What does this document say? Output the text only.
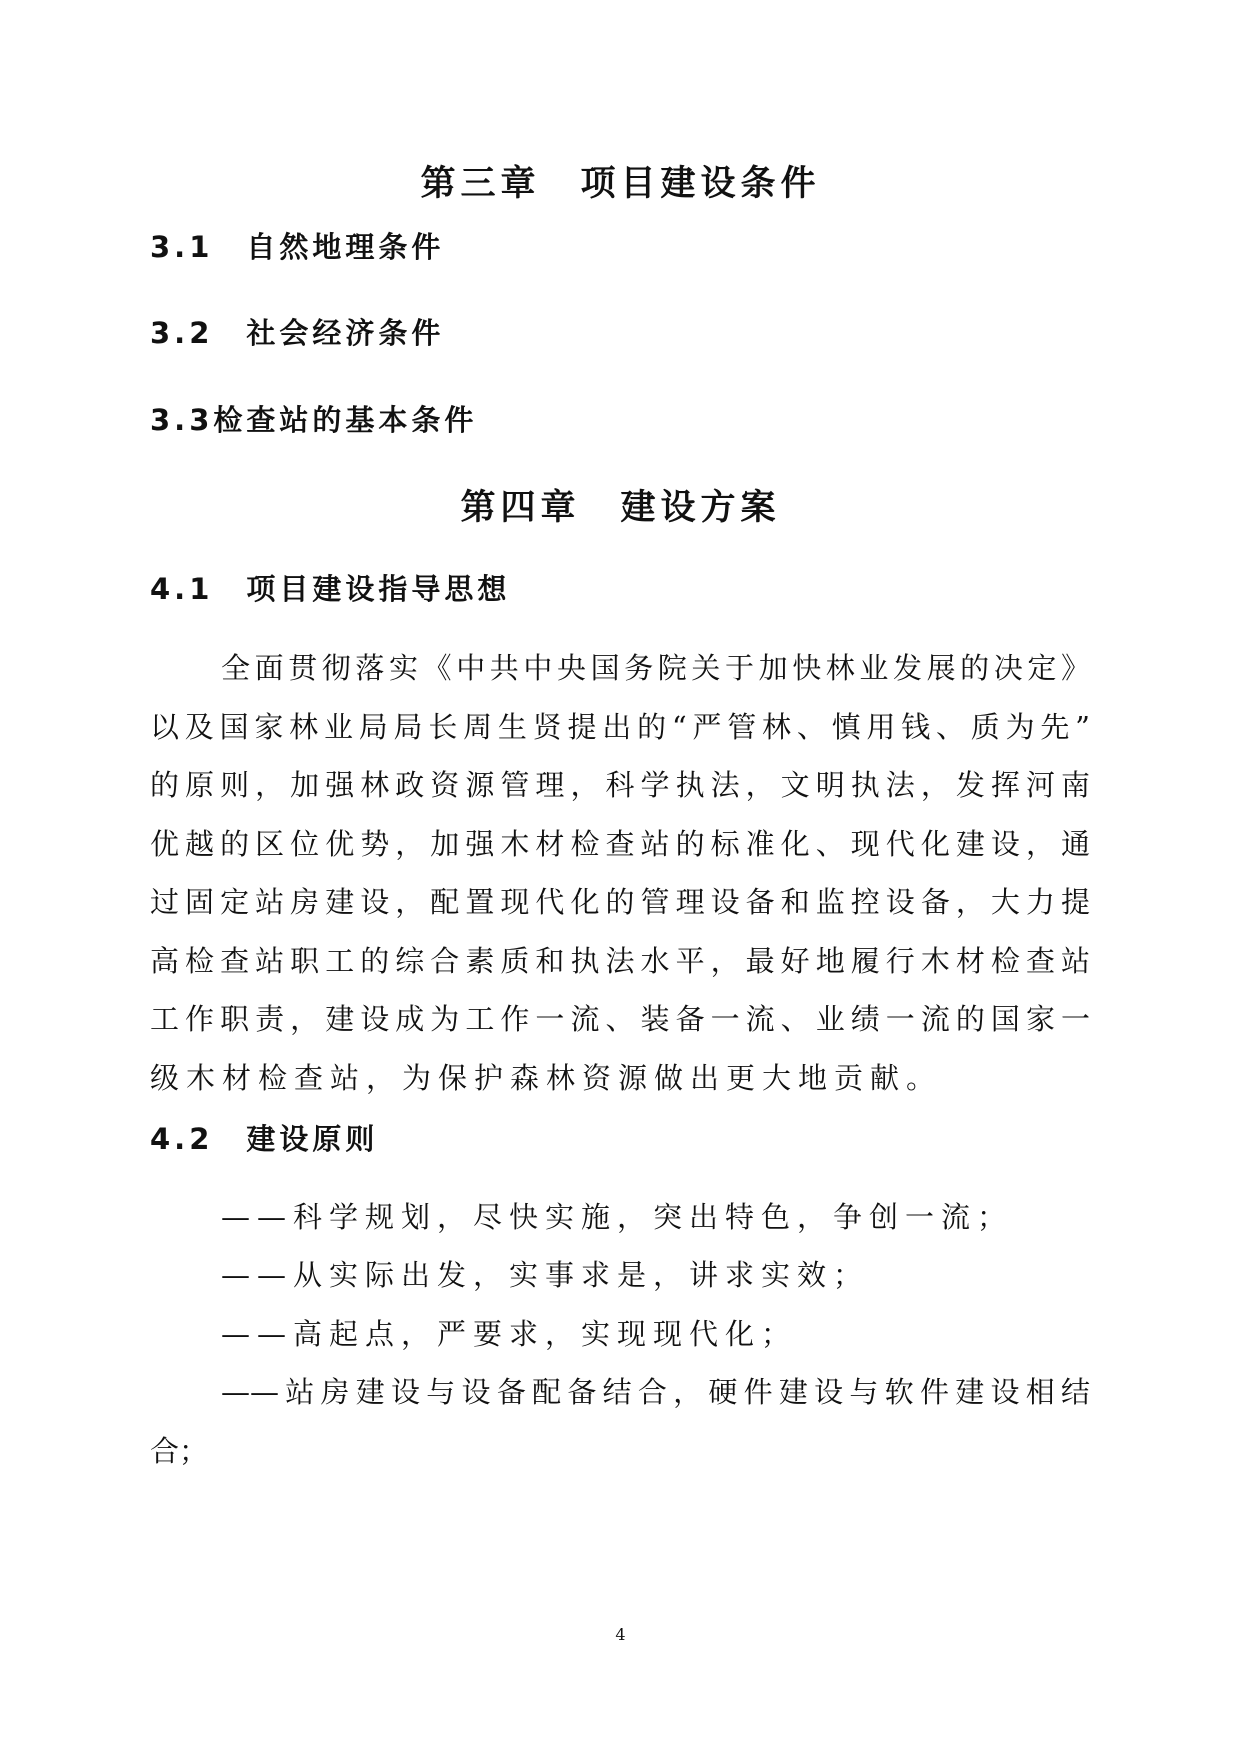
第三章　项目建设条件
3.1　自然地理条件
3.2　社会经济条件
3.3检查站的基本条件
第四章　建设方案
4.1　项目建设指导思想

全面贯彻落实《中共中央国务院关于加快林业发展的决定》

以及国家林业局局长周生贤提出的“严管林、慎用钱、质为先”

的原则，加强林政资源管理，科学执法，文明执法，发挥河南

优越的区位优势，加强木材检查站的标准化、现代化建设，通

过固定站房建设，配置现代化的管理设备和监控设备，大力提

高检查站职工的综合素质和执法水平，最好地履行木材检查站

工作职责，建设成为工作一流、装备一流、业绩一流的国家一

级木材检查站，为保护森林资源做出更大地贡献。

4.2　建设原则

——科学规划，尽快实施，突出特色，争创一流；

——从实际出发，实事求是，讲求实效；

——高起点，严要求，实现现代化；

——站房建设与设备配备结合，硬件建设与软件建设相结

合；

4
